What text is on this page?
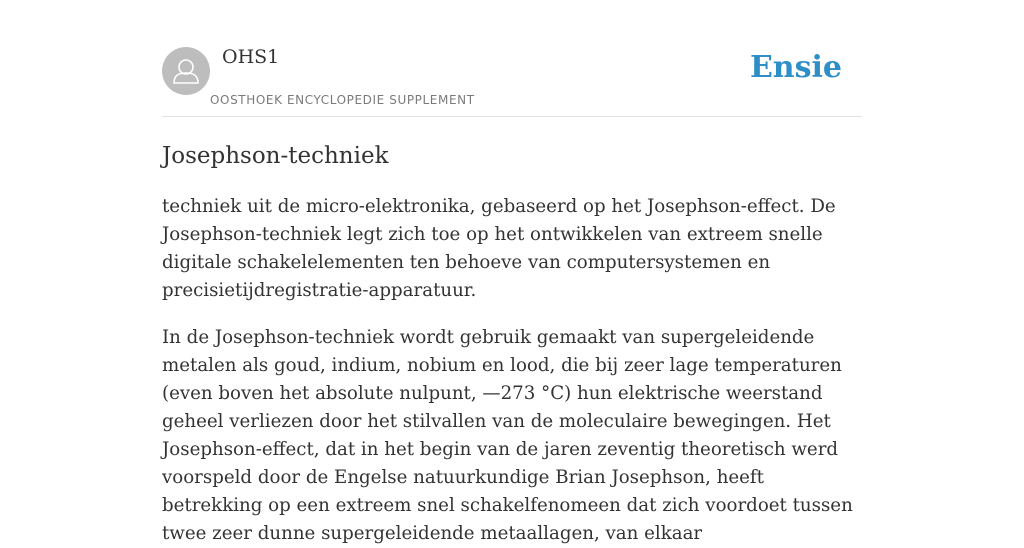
OHS1
OOSTHOEK ENCYCLOPEDIE SUPPLEMENT
Ensie
Josephson-techniek

techniek uit de micro-elektronika, gebaseerd op het Josephson-effect. De Josephson-techniek legt zich toe op het ontwikkelen van extreem snelle digitale schakelelementen ten behoeve van computersystemen en precisietijdregistratie-apparatuur.

In de Josephson-techniek wordt gebruik gemaakt van supergeleidende metalen als goud, indium, nobium en lood, die bij zeer lage temperaturen (even boven het absolute nulpunt, —273 °C) hun elektrische weerstand geheel verliezen door het stilvallen van de moleculaire bewegingen. Het Josephson-effect, dat in het begin van de jaren zeventig theoretisch werd voorspeld door de Engelse natuurkundige Brian Josephson, heeft betrekking op een extreem snel schakelfenomeen dat zich voordoet tussen twee zeer dunne supergeleidende metaallagen, van elkaar
